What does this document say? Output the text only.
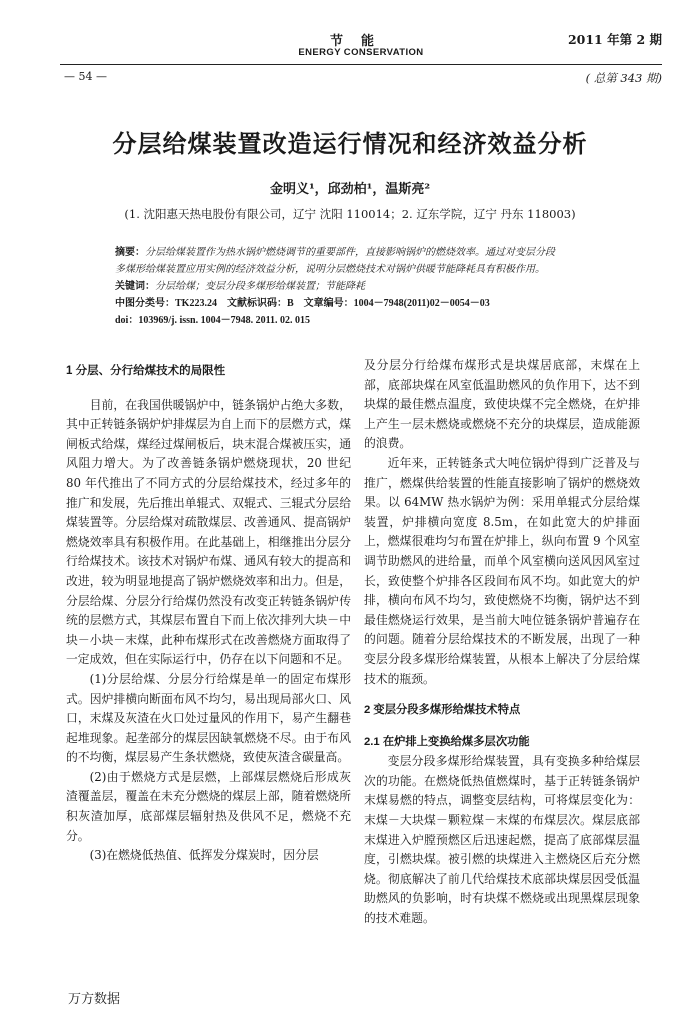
节能
ENERGY CONSERVATION
2011 年第 2 期
— 54 —	( 总第 343 期)
分层给煤装置改造运行情况和经济效益分析
金明义¹，邱劲柏¹，温斯亮²
(1. 沈阳惠天热电股份有限公司，辽宁 沈阳 110014；2. 辽东学院，辽宁 丹东 118003)
摘要：分层给煤装置作为热水锅炉燃烧调节的重要部件，直接影响锅炉的燃烧效率。通过对变层分段
多煤形给煤装置应用实例的经济效益分析，说明分层燃烧技术对锅炉供暖节能降耗具有积极作用。
关键词：分层给煤；变层分段多煤形给煤装置；节能降耗
中图分类号：TK223.24　文献标识码：B　文章编号：1004－7948(2011)02－0054－03
doi：103969/j. issn. 1004－7948. 2011. 02. 015
1 分层、分行给煤技术的局限性

目前，在我国供暖锅炉中，链条锅炉占绝大多数，其中正转链条锅炉炉排煤层为自上而下的层燃方式，煤闸板式给煤，煤经过煤闸板后，块末混合煤被压实，通风阻力增大。为了改善链条锅炉燃烧现状，20 世纪 80 年代推出了不同方式的分层给煤技术，经过多年的推广和发展，先后推出单辊式、双辊式、三辊式分层给煤装置等。分层给煤对疏散煤层、改善通风、提高锅炉燃烧效率具有积极作用。在此基础上，相继推出分层分行给煤技术。该技术对锅炉布煤、通风有较大的提高和改进，较为明显地提高了锅炉燃烧效率和出力。但是，分层给煤、分层分行给煤仍然没有改变正转链条锅炉传统的层燃方式，其煤层布置自下而上依次排列大块－中块－小块－末煤，此种布煤形式在改善燃烧方面取得了一定成效，但在实际运行中，仍存在以下问题和不足。

(1)分层给煤、分层分行给煤是单一的固定布煤形式。因炉排横向断面布风不均匀，易出现局部火口、风口，末煤及灰渣在火口处过量风的作用下，易产生翻巷起堆现象。起垄部分的煤层因缺氧燃烧不尽。由于布风的不均衡，煤层易产生条状燃烧，致使灰渣含碳量高。

(2)由于燃烧方式是层燃，上部煤层燃烧后形成灰渣覆盖层，覆盖在未充分燃烧的煤层上部，随着燃烧所积灰渣加厚，底部煤层辐射热及供风不足，燃烧不充分。

(3)在燃烧低热值、低挥发分煤炭时，因分层

及分层分行给煤布煤形式是块煤居底部，末煤在上部，底部块煤在风室低温助燃风的负作用下，达不到块煤的最佳燃点温度，致使块煤不完全燃烧，在炉排上产生一层未燃烧或燃烧不充分的块煤层，造成能源的浪费。

近年来，正转链条式大吨位锅炉得到广泛普及与推广，燃煤供给装置的性能直接影响了锅炉的燃烧效果。以 64MW 热水锅炉为例：采用单辊式分层给煤装置，炉排横向宽度 8.5m，在如此宽大的炉排面上，燃煤很难均匀布置在炉排上，纵向布置 9 个风室调节助燃风的进给量，而单个风室横向送风因风室过长，致使整个炉排各区段间布风不均。如此宽大的炉排，横向布风不均匀，致使燃烧不均衡，锅炉达不到最佳燃烧运行效果，是当前大吨位链条锅炉普遍存在的问题。随着分层给煤技术的不断发展，出现了一种变层分段多煤形给煤装置，从根本上解决了分层给煤技术的瓶颈。

2 变层分段多煤形给煤技术特点
2.1 在炉排上变换给煤多层次功能

变层分段多煤形给煤装置，具有变换多种给煤层次的功能。在燃烧低热值燃煤时，基于正转链条锅炉末煤易燃的特点，调整变层结构，可将煤层变化为：末煤－大块煤－颗粒煤－末煤的布煤层次。煤层底部末煤进入炉膛预燃区后迅速起燃，提高了底部煤层温度，引燃块煤。被引燃的块煤进入主燃烧区后充分燃烧。彻底解决了前几代给煤技术底部块煤层因受低温助燃风的负影响，时有块煤不燃烧或出现黑煤层现象的技术难题。

万方数据
